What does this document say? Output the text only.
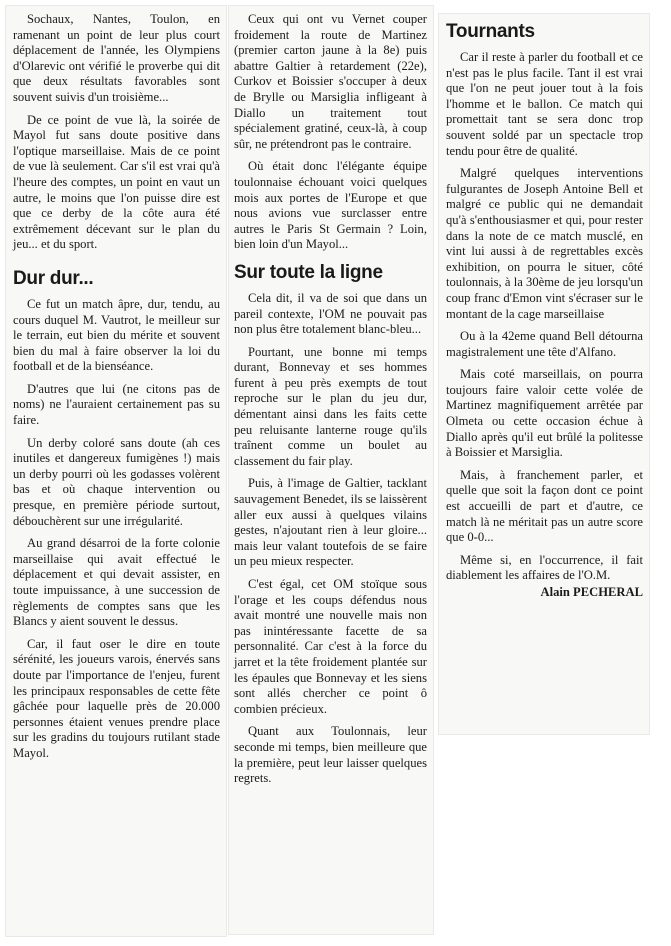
Sochaux, Nantes, Toulon, en ramenant un point de leur plus court déplacement de l'année, les Olympiens d'Olarevic ont vérifié le proverbe qui dit que deux résultats favorables sont souvent suivis d'un troisième...

De ce point de vue là, la soirée de Mayol fut sans doute positive dans l'optique marseillaise. Mais de ce point de vue là seulement. Car s'il est vrai qu'à l'heure des comptes, un point en vaut un autre, le moins que l'on puisse dire est que ce derby de la côte aura été extrêmement décevant sur le plan du jeu... et du sport.

Dur dur...

Ce fut un match âpre, dur, tendu, au cours duquel M. Vautrot, le meilleur sur le terrain, eut bien du mérite et souvent bien du mal à faire observer la loi du football et de la bienséance.

D'autres que lui (ne citons pas de noms) ne l'auraient certainement pas su faire.

Un derby coloré sans doute (ah ces inutiles et dangereux fumigènes !) mais un derby pourri où les godasses volèrent bas et où chaque intervention ou presque, en première période surtout, débouchèrent sur une irrégularité.

Au grand désarroi de la forte colonie marseillaise qui avait effectué le déplacement et qui devait assister, en toute impuissance, à une succession de règlements de comptes sans que les Blancs y aient souvent le dessus.

Car, il faut oser le dire en toute sérénité, les joueurs varois, énervés sans doute par l'importance de l'enjeu, furent les principaux responsables de cette fête gâchée pour laquelle près de 20.000 personnes étaient venues prendre place sur les gradins du toujours rutilant stade Mayol.

Ceux qui ont vu Vernet couper froidement la route de Martinez (premier carton jaune à la 8e) puis abattre Galtier à retardement (22e), Curkov et Boissier s'occuper à deux de Brylle ou Marsiglia infligeant à Diallo un traitement tout spécialement gratiné, ceux-là, à coup sûr, ne prétendront pas le contraire.

Où était donc l'élégante équipe toulonnaise échouant voici quelques mois aux portes de l'Europe et que nous avions vue surclasser entre autres le Paris St Germain ? Loin, bien loin d'un Mayol...

Sur toute la ligne

Cela dit, il va de soi que dans un pareil contexte, l'OM ne pouvait pas non plus être totalement blanc-bleu...

Pourtant, une bonne mi temps durant, Bonnevay et ses hommes furent à peu près exempts de tout reproche sur le plan du jeu dur, démentant ainsi dans les faits cette peu reluisante lanterne rouge qu'ils traînent comme un boulet au classement du fair play.

Puis, à l'image de Galtier, tacklant sauvagement Benedet, ils se laissèrent aller eux aussi à quelques vilains gestes, n'ajoutant rien à leur gloire... mais leur valant toutefois de se faire un peu mieux respecter.

C'est égal, cet OM stoïque sous l'orage et les coups défendus nous avait montré une nouvelle mais non pas inintéressante facette de sa personnalité. Car c'est à la force du jarret et la tête froidement plantée sur les épaules que Bonnevay et les siens sont allés chercher ce point ô combien précieux.

Quant aux Toulonnais, leur seconde mi temps, bien meilleure que la première, peut leur laisser quelques regrets.

Tournants

Car il reste à parler du football et ce n'est pas le plus facile. Tant il est vrai que l'on ne peut jouer tout à la fois l'homme et le ballon. Ce match qui promettait tant se sera donc trop souvent soldé par un spectacle trop tendu pour être de qualité.

Malgré quelques interventions fulgurantes de Joseph Antoine Bell et malgré ce public qui ne demandait qu'à s'enthousiasmer et qui, pour rester dans la note de ce match musclé, en vint lui aussi à de regrettables excès exhibition, on pourra le situer, côté toulonnais, à la 30ème de jeu lorsqu'un coup franc d'Emon vint s'écraser sur le montant de la cage marseillaise

Ou à la 42eme quand Bell détourna magistralement une tête d'Alfano.

Mais coté marseillais, on pourra toujours faire valoir cette volée de Martinez magnifiquement arrêtée par Olmeta ou cette occasion échue à Diallo après qu'il eut brûlé la politesse à Boissier et Marsiglia.

Mais, à franchement parler, et quelle que soit la façon dont ce point est accueilli de part et d'autre, ce match là ne méritait pas un autre score que 0-0...

Même si, en l'occurrence, il fait diablement les affaires de l'O.M.

Alain PECHERAL
